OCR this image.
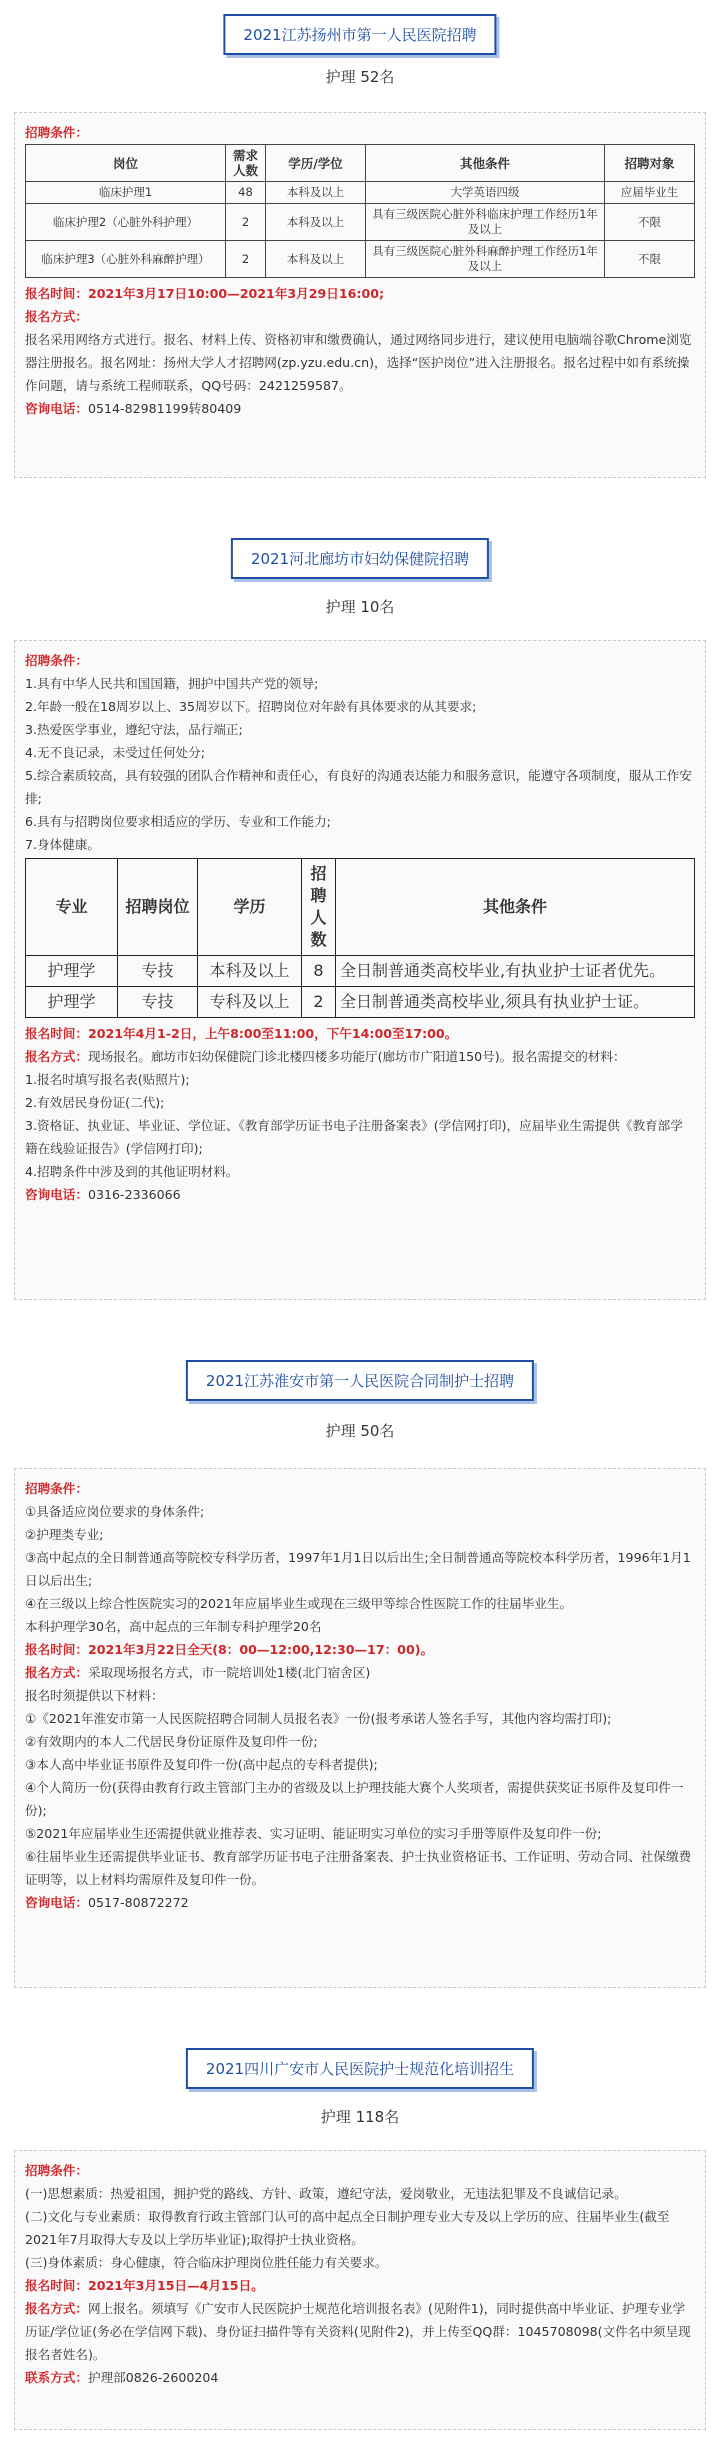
2021江苏扬州市第一人民医院招聘
护理 52名

招聘条件：

岗位	需求人数	学历/学位	其他条件	招聘对象
临床护理1	48	本科及以上	大学英语四级	应届毕业生
临床护理2（心脏外科护理）	2	本科及以上	具有三级医院心脏外科临床护理工作经历1年及以上	不限
临床护理3（心脏外科麻醉护理）	2	本科及以上	具有三级医院心脏外科麻醉护理工作经历1年及以上	不限

报名时间：2021年3月17日10:00—2021年3月29日16:00;

报名方式：

报名采用网络方式进行。报名、材料上传、资格初审和缴费确认，通过网络同步进行，建议使用电脑端谷歌Chrome浏览器注册报名。报名网址：扬州大学人才招聘网(zp.yzu.edu.cn)，选择“医护岗位”进入注册报名。报名过程中如有系统操作问题，请与系统工程师联系，QQ号码：2421259587。

咨询电话：0514-82981199转80409

2021河北廊坊市妇幼保健院招聘
护理 10名

招聘条件：

1.具有中华人民共和国国籍，拥护中国共产党的领导;

2.年龄一般在18周岁以上、35周岁以下。招聘岗位对年龄有具体要求的从其要求;

3.热爱医学事业，遵纪守法，品行端正;

4.无不良记录，未受过任何处分;

5.综合素质较高，具有较强的团队合作精神和责任心，有良好的沟通表达能力和服务意识，能遵守各项制度，服从工作安排;

6.具有与招聘岗位要求相适应的学历、专业和工作能力;

7.身体健康。

专业	招聘岗位	学历	招聘人数	其他条件
护理学	专技	本科及以上	8	全日制普通类高校毕业,有执业护士证者优先。
护理学	专技	专科及以上	2	全日制普通类高校毕业,须具有执业护士证。

报名时间：2021年4月1-2日，上午8:00至11:00，下午14:00至17:00。

报名方式：现场报名。廊坊市妇幼保健院门诊北楼四楼多功能厅(廊坊市广阳道150号)。报名需提交的材料：

1.报名时填写报名表(贴照片);

2.有效居民身份证(二代);

3.资格证、执业证、毕业证、学位证、《教育部学历证书电子注册备案表》(学信网打印)，应届毕业生需提供《教育部学籍在线验证报告》(学信网打印);

4.招聘条件中涉及到的其他证明材料。

咨询电话：0316-2336066

2021江苏淮安市第一人民医院合同制护士招聘
护理 50名

招聘条件：

①具备适应岗位要求的身体条件;

②护理类专业;

③高中起点的全日制普通高等院校专科学历者，1997年1月1日以后出生;全日制普通高等院校本科学历者，1996年1月1日以后出生;

④在三级以上综合性医院实习的2021年应届毕业生或现在三级甲等综合性医院工作的往届毕业生。

本科护理学30名，高中起点的三年制专科护理学20名

报名时间：2021年3月22日全天(8：00—12:00,12:30—17：00)。

报名方式：采取现场报名方式，市一院培训处1楼(北门宿舍区)

报名时须提供以下材料：

①《2021年淮安市第一人民医院招聘合同制人员报名表》一份(报考承诺人签名手写，其他内容均需打印);

②有效期内的本人二代居民身份证原件及复印件一份;

③本人高中毕业证书原件及复印件一份(高中起点的专科者提供);

④个人简历一份(获得由教育行政主管部门主办的省级及以上护理技能大赛个人奖项者，需提供获奖证书原件及复印件一份);

⑤2021年应届毕业生还需提供就业推荐表、实习证明、能证明实习单位的实习手册等原件及复印件一份;

⑥往届毕业生还需提供毕业证书、教育部学历证书电子注册备案表、护士执业资格证书、工作证明、劳动合同、社保缴费证明等，以上材料均需原件及复印件一份。

咨询电话：0517-80872272

2021四川广安市人民医院护士规范化培训招生
护理 118名

招聘条件：

(一)思想素质：热爱祖国，拥护党的路线、方针、政策，遵纪守法，爱岗敬业，无违法犯罪及不良诚信记录。

(二)文化与专业素质：取得教育行政主管部门认可的高中起点全日制护理专业大专及以上学历的应、往届毕业生(截至2021年7月取得大专及以上学历毕业证);取得护士执业资格。

(三)身体素质：身心健康，符合临床护理岗位胜任能力有关要求。

报名时间：2021年3月15日—4月15日。

报名方式：网上报名。须填写《广安市人民医院护士规范化培训报名表》(见附件1)，同时提供高中毕业证、护理专业学历证/学位证(务必在学信网下载)、身份证扫描件等有关资料(见附件2)，并上传至QQ群：1045708098(文件名中须呈现报名者姓名)。

联系方式：护理部0826-2600204
